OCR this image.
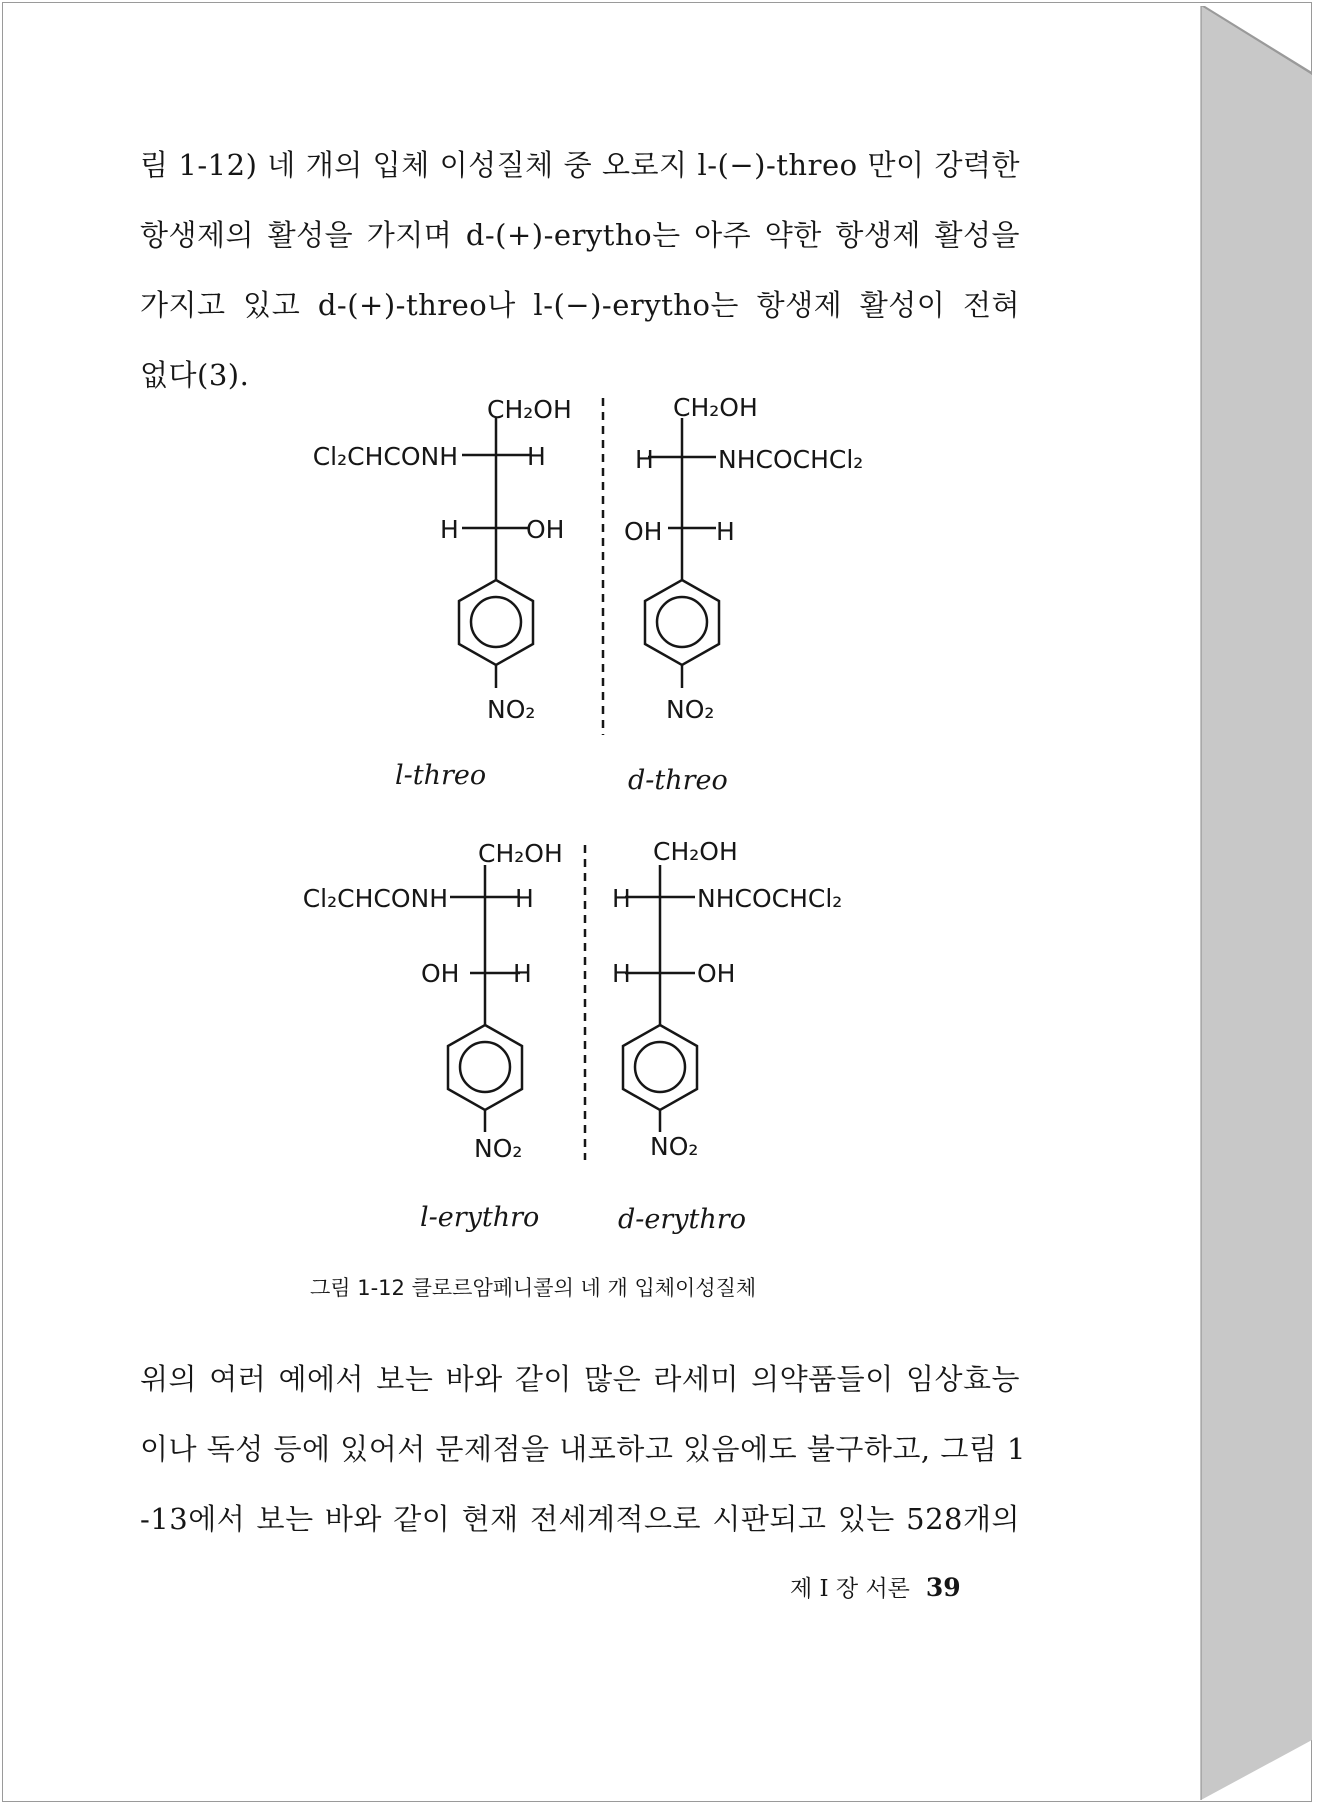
림 1-12) 네 개의 입체 이성질체 중 오로지 l-(−)-threo 만이 강력한
항생제의 활성을 가지며 d-(+)-erytho는 아주 약한 항생제 활성을
가지고 있고 d-(+)-threo나 l-(−)-erytho는 항생제 활성이 전혀
없다(3).

CH₂OH
Cl₂CHCONH	H
H	OH
NO₂
l-threo
CH₂OH
H	NHCOCHCl₂
OH H
NO₂
d-threo
CH₂OH
Cl₂CHCONH	H
OH H
NO₂
l-erythro
CH₂OH
H	NHCOCHCl₂
H	OH
NO₂
d-erythro
그림 1-12 클로르암페니콜의 네 개 입체이성질체

위의 여러 예에서 보는 바와 같이 많은 라세미 의약품들이 임상효능
이나 독성 등에 있어서 문제점을 내포하고 있음에도 불구하고, 그림 1
-13에서 보는 바와 같이 현재 전세계적으로 시판되고 있는 528개의

제 I 장 서론 39
